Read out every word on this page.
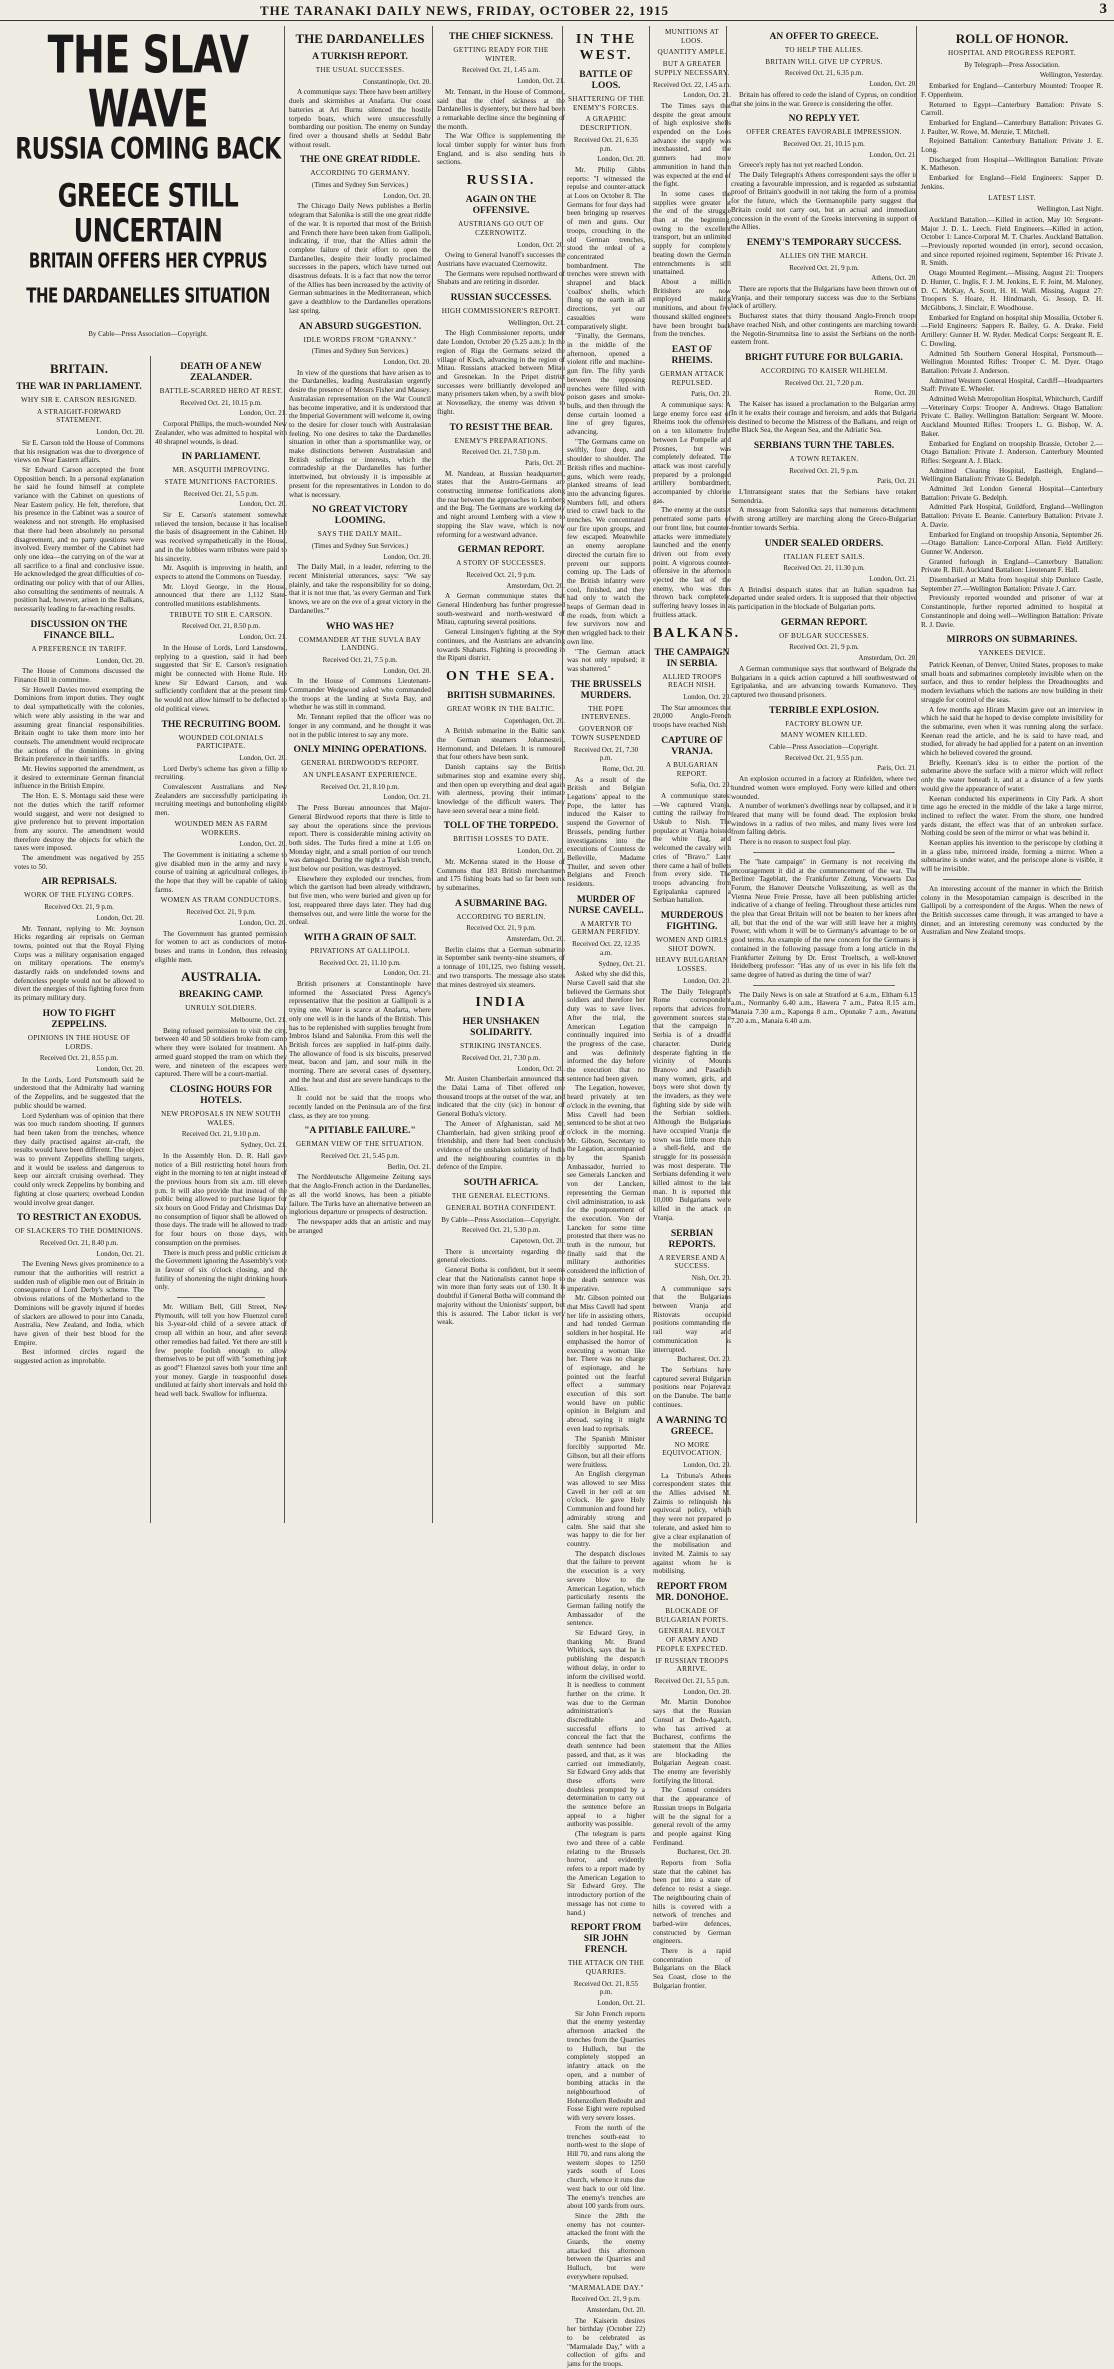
THE TARANAKI DAILY NEWS, FRIDAY, OCTOBER 22, 1915	3
THE SLAV WAVE
RUSSIA COMING BACK
GREECE STILL UNCERTAIN
BRITAIN OFFERS HER CYPRUS
THE DARDANELLES SITUATION
By Cable—Press Association—Copyright.
BRITAIN.
THE WAR IN PARLIAMENT.
WHY SIR E. CARSON RESIGNED.
A STRAIGHT-FORWARD STATEMENT.
London, Oct. 20.

Sir E. Carson told the House of Commons that his resignation was due to divergence of views on Near Eastern affairs.

Sir Edward Carson accepted the front Opposition bench. In a personal explanation he said he found himself at complete variance with the Cabinet on questions of Near Eastern policy. He felt, therefore, that his presence in the Cabinet was a source of weakness and not strength. He emphasised that there had been absolutely no personal disagreement, and no party questions were involved. Every member of the Cabinet had only one idea—the carrying on of the war at all sacrifice to a final and conclusive issue. He acknowledged the great difficulties of co-ordinating our policy with that of our Allies, also consulting the sentiments of neutrals. A position had, however, arisen in the Balkans, necessarily leading to far-reaching results.

DISCUSSION ON THE FINANCE BILL.
A PREFERENCE IN TARIFF.
London, Oct. 20.

The House of Commons discussed the Finance Bill in committee.

Sir Howell Davies moved exempting the Dominions from import duties. They ought to deal sympathetically with the colonies, which were ably assisting in the war and assuming great financial responsibilities. Britain ought to take them more into her counsels. The amendment would reciprocate the actions of the dominions in giving Britain preference in their tariffs.

Mr. Hewins supported the amendment, as it desired to exterminate German financial influence in the British Empire.

The Hon. E. S. Montagu said these were not the duties which the tariff reformer would suggest, and were not designed to give preference but to prevent importation from any source. The amendment would therefore destroy the objects for which the taxes were imposed.

The amendment was negatived by 255 votes to 50.

AIR REPRISALS.
WORK OF THE FLYING CORPS.
Received Oct. 21, 9 p.m.
London, Oct. 20.

Mr. Tennant, replying to Mr. Joynson Hicks regarding air reprisals on German towns, pointed out that the Royal Flying Corps was a military organisation engaged on military operations. The enemy's dastardly raids on undefended towns and defenceless people would not be allowed to divert the energies of this fighting force from its primary military duty.

HOW TO FIGHT ZEPPELINS.
OPINIONS IN THE HOUSE OF LORDS.
Received Oct. 21, 8.55 p.m.
London, Oct. 20.

In the Lords, Lord Portsmouth said he understood that the Admiralty had warning of the Zeppelins, and he suggested that the public should be warned.

Lord Sydenham was of opinion that there was too much random shooting. If gunners had been taken from the trenches, whence they daily practised against air-craft, the results would have been different. The object was to prevent Zeppelins shelling targets, and it would be useless and dangerous to keep our aircraft cruising overhead. They could only wreck Zeppelins by bombing and fighting at close quarters; overhead London would involve great danger.

TO RESTRICT AN EXODUS.
OF SLACKERS TO THE DOMINIONS.
Received Oct. 21, 8.40 p.m.
London, Oct. 21.

The Evening News gives prominence to a rumour that the authorities will restrict a sudden rush of eligible men out of Britain in consequence of Lord Derby's scheme. The obvious relations of the Motherland to the Dominions will be gravely injured if hordes of slackers are allowed to pour into Canada, Australia, New Zealand, and India, which have given of their best blood for the Empire.

Best informed circles regard the suggested action as improbable.

DEATH OF A NEW ZEALANDER.
BATTLE-SCARRED HERO AT REST.
Received Oct. 21, 10.15 p.m.
London, Oct. 21.

Corporal Phillips, the much-wounded New Zealander, who was admitted to hospital with 40 shrapnel wounds, is dead.

IN PARLIAMENT.
MR. ASQUITH IMPROVING.
STATE MUNITIONS FACTORIES.
Received Oct. 21, 5.5 p.m.
London, Oct. 20.

Sir E. Carson's statement somewhat relieved the tension, because it has localised the basis of disagreement in the Cabinet. He was received sympathetically in the House, and in the lobbies warm tributes were paid to his sincerity.

Mr. Asquith is improving in health, and expects to attend the Commons on Tuesday.

Mr. Lloyd George, in the House, announced that there are 1,112 State-controlled munitions establishments.

TRIBUTE TO SIR E. CARSON.
Received Oct. 21, 8.50 p.m.
London, Oct. 21.

In the House of Lords, Lord Lansdowne, replying to a question, said it had been suggested that Sir E. Carson's resignation might be connected with Home Rule. He knew Sir Edward Carson, and was sufficiently confident that at the present time he would not allow himself to be deflected to old political views.

THE RECRUITING BOOM.
WOUNDED COLONIALS PARTICIPATE.
London, Oct. 20.

Lord Derby's scheme has given a fillip to recruiting.

Convalescent Australians and New Zealanders are successfully participating in recruiting meetings and buttonholing eligible men.

WOUNDED MEN AS FARM WORKERS.
London, Oct. 20.

The Government is initiating a scheme to give disabled men in the army and navy a course of training at agricultural colleges, in the hope that they will be capable of taking farms.

WOMEN AS TRAM CONDUCTORS.
Received Oct. 21, 9 p.m.
London, Oct. 20.

The Government has granted permission for women to act as conductors of motor-buses and trams in London, thus releasing eligible men.

AUSTRALIA.
BREAKING CAMP.
UNRULY SOLDIERS.
Melbourne, Oct. 21.

Being refused permission to visit the city, between 40 and 50 soldiers broke from camp where they were isolated for treatment. An armed guard stopped the tram on which they were, and nineteen of the escapees were captured. There will be a court-martial.

CLOSING HOURS FOR HOTELS.
NEW PROPOSALS IN NEW SOUTH WALES.
Received Oct. 21, 9.10 p.m.
Sydney, Oct. 21.

In the Assembly Hon. D. R. Hall gave notice of a Bill restricting hotel hours from eight in the morning to ten at night instead of the previous hours from six a.m. till eleven p.m. It will also provide that instead of the public being allowed to purchase liquor for six hours on Good Friday and Christmas Day no consumption of liquor shall be allowed on those days. The trade will be allowed to trade for four hours on those days, with consumption on the premises.

There is much press and public criticism at the Government ignoring the Assembly's vote in favour of six o'clock closing, and the futility of shortening the night drinking hours only.

Mr. William Bell, Gill Street, New Plymouth, will tell you how Fluenzol cured his 3-year-old child of a severe attack of croup all within an hour, and after several other remedies had failed. Yet there are still a few people foolish enough to allow themselves to be put off with "something just as good"! Fluenzol saves both your time and your money. Gargle in teaspoonful doses undiluted at fairly short intervals and hold the head well back. Swallow for influenza.

THE DARDANELLES
A TURKISH REPORT.
THE USUAL SUCCESSES.
Constantinople, Oct. 20.

A communique says: There have been artillery duels and skirmishes at Anafarta. Our coast batteries at Ari Burnu silenced the hostile torpedo boats, which were unsuccessfully bombarding our position. The enemy on Sunday fired over a thousand shells at Seddul Bahr without result.

THE ONE GREAT RIDDLE.
ACCORDING TO GERMANY.
(Times and Sydney Sun Services.)
London, Oct. 20.

The Chicago Daily News publishes a Berlin telegram that Salonika is still the one great riddle of the war. It is reported that most of the British and French there have been taken from Gallipoli, indicating, if true, that the Allies admit the complete failure of their effort to open the Dardanelles, despite their loudly proclaimed successes in the papers, which have turned out disastrous defeats. It is a fact that now the terror of the Allies has been increased by the activity of German submarines in the Mediterranean, which gave a deathblow to the Dardanelles operations last spring.

AN ABSURD SUGGESTION.
IDLE WORDS FROM "GRANNY."
(Times and Sydney Sun Services.)
London, Oct. 20.

In view of the questions that have arisen as to the Dardanelles, leading Australasian urgently desire the presence of Messrs Fisher and Massey. Australasian representation on the War Council has become imperative, and it is understood that the Imperial Government will welcome it, owing to the desire for closer touch with Australasian feeling. No one desires to take the Dardanelles situation in other than a sportsmanlike way, or make distinctions between Australasian and British sufferings or interests, which the comradeship at the Dardanelles has further intertwined, but obviously it is impossible at present for the representatives in London to do what is necessary.

NO GREAT VICTORY LOOMING.
SAYS THE DAILY MAIL.
(Times and Sydney Sun Services.)
London, Oct. 20.

The Daily Mail, in a leader, referring to the recent Ministerial utterances, says: "We say plainly, and take the responsibility for so doing, that it is not true that, 'as every German and Turk knows, we are on the eve of a great victory in the Dardanelles.'"

WHO WAS HE?
COMMANDER AT THE SUVLA BAY LANDING.
Received Oct. 21, 7.5 p.m.
London, Oct. 20.

In the House of Commons Lieutenant-Commander Wedgwood asked who commanded the troops at the landing at Suvla Bay, and whether he was still in command.

Mr. Tennant replied that the officer was no longer in any command, and he thought it was not in the public interest to say any more.

ONLY MINING OPERATIONS.
GENERAL BIRDWOOD'S REPORT.
AN UNPLEASANT EXPERIENCE.
Received Oct. 21, 8.10 p.m.
London, Oct. 21.

The Press Bureau announces that Major-General Birdwood reports that there is little to say about the operations since the previous report. There is considerable mining activity on both sides. The Turks fired a mine at 1.05 on Monday night, and a small portion of our trench was damaged. During the night a Turkish trench, just below our position, was destroyed.

Elsewhere they exploded our trenches, from which the garrison had been already withdrawn, but five men, who were buried and given up for lost, reappeared three days later. They had dug themselves out, and were little the worse for the ordeal.

WITH A GRAIN OF SALT.
PRIVATIONS AT GALLIPOLI.
Received Oct. 21, 11.10 p.m.
London, Oct. 21.

British prisoners at Constantinople have informed the Associated Press Agency's representative that the position at Gallipoli is a trying one. Water is scarce at Anafarta, where only one well is in the hands of the British. This has to be replenished with supplies brought from Imbros Island and Salonika. From this well the British forces are supplied in half-pints daily. The allowance of food is six biscuits, preserved meat, bacon and jam, and sour milk in the morning. There are several cases of dysentery, and the heat and dust are severe handicaps to the Allies.

It could not be said that the troops who recently landed on the Peninsula are of the first class, as they are too young.

"A PITIABLE FAILURE."
GERMAN VIEW OF THE SITUATION.
Received Oct. 21, 5.45 p.m.
Berlin, Oct. 21.

The Norddeutsche Allgemeine Zeitung says that the Anglo-French action in the Dardanelles, as all the world knows, has been a pitiable failure. The Turks have an alternative between an inglorious departure or prospects of destruction.

The newspaper adds that an artistic and may be arranged

THE CHIEF SICKNESS.
GETTING READY FOR THE WINTER.
Received Oct. 21, 1.45 a.m.
London, Oct. 21.

Mr. Tennant, in the House of Commons, said that the chief sickness at the Dardanelles is dysentery, but there had been a remarkable decline since the beginning of the month.

The War Office is supplementing the local timber supply for winter huts from England, and is also sending huts in sections.

RUSSIA.
AGAIN ON THE OFFENSIVE.
AUSTRIANS GO OUT OF CZERNOWITZ.
London, Oct. 20.

Owing to General Ivanoff's successes the Austrians have evacuated Czernowitz.

The Germans were repulsed northward of Shabats and are retiring in disorder.

RUSSIAN SUCCESSES.
HIGH COMMISSIONER'S REPORT.
Wellington, Oct. 21.

The High Commissioner reports, under date London, October 20 (5.25 a.m.): In the region of Riga the Germans seized the village of Kisch, advancing in the region of Mitau. Russians attacked between Mitau and Gresnekan. In the Pripet district successes were brilliantly developed and many prisoners taken when, by a swift blow at Novoselkzy, the enemy was driven to flight.

TO RESIST THE BEAR.
ENEMY'S PREPARATIONS.
Received Oct. 21, 7.50 p.m.
Paris, Oct. 20.

M. Nandeau, at Russian headquarters, states that the Austro-Germans are constructing immense fortifications along the rear between the approaches to Lemberg and the Bug. The Germans are working day and night around Lemberg with a view to stopping the Slav wave, which is now reforming for a westward advance.

GERMAN REPORT.
A STORY OF SUCCESSES.
Received Oct. 21, 9 p.m.
Amsterdam, Oct. 20.

A German communique states that General Hindenburg has further progressed south-westward and north-westward of Mitau, capturing several positions.

General Linsingen's fighting at the Styr continues, and the Austrians are advancing towards Shabatts. Fighting is proceeding in the Ripani district.

ON THE SEA.
BRITISH SUBMARINES.
GREAT WORK IN THE BALTIC.
Copenhagen, Oct. 20.

A British submarine in the Baltic sank the German steamers Johannesteil, Hermonund, and Delelaen. It is rumoured that four others have been sunk.

Danish captains say the British submarines stop and examine every ship, and then open up everything and deal again with alertness, proving their intimate knowledge of the difficult waters. They have seen several near a mine field.

TOLL OF THE TORPEDO.
BRITISH LOSSES TO DATE.
London, Oct. 20.

Mr. McKenna stated in the House of Commons that 183 British merchantmen and 175 fishing boats had so far been sunk by submarines.

A SUBMARINE BAG.
ACCORDING TO BERLIN.
Received Oct. 21, 9 p.m.
Amsterdam, Oct. 20.

Berlin claims that a German submarine in September sank twenty-nine steamers, of a tonnage of 101,125, two fishing vessels, and two transports. The message also states that mines destroyed six steamers.

INDIA
HER UNSHAKEN SOLIDARITY.
STRIKING INSTANCES.
Received Oct. 21, 7.30 p.m.
London, Oct. 20.

Mr. Austen Chamberlain announced that the Dalai Lama of Tibet offered one thousand troops at the outset of the war, and indicated that the city (sic) in honour of General Botha's victory.

The Ameer of Afghanistan, said Mr. Chamberlain, had given striking proof of friendship, and there had been conclusive evidence of the unshaken solidarity of India and the neighbouring countries in the defence of the Empire.

SOUTH AFRICA.
THE GENERAL ELECTIONS.
GENERAL BOTHA CONFIDENT.
By Cable—Press Association—Copyright.
Received Oct. 21, 5.30 p.m.
Capetown, Oct. 20.

There is uncertainty regarding the general elections.

General Botha is confident, but it seems clear that the Nationalists cannot hope to win more than forty seats out of 130. It is doubtful if General Botha will command the majority without the Unionists' support, but this is assured. The Labor ticket is very weak.

IN THE WEST.
BATTLE OF LOOS.
SHATTERING OF THE ENEMY'S FORCES.
A GRAPHIC DESCRIPTION.
Received Oct. 21, 6.35 p.m.
London, Oct. 20.

Mr. Philip Gibbs reports: "I witnessed the repulse and counter-attack at Loos on October 8. The Germans for four days had been bringing up reserves of men and guns. Our troops, crouching in the old German trenches, stood the ordeal of a concentrated bombardment. The trenches were strewn with shrapnel and black 'coalbox' shells, which flung up the earth in all directions, yet our casualties were comparatively slight.

"Finally, the Germans, in the middle of the afternoon, opened a violent rifle and machine-gun fire. The fifty yards between the opposing trenches were filled with poison gases and smoke-bulls, and then through the dense curtain loomed a line of grey figures, advancing.

"The Germans came on swiftly, four deep, and shoulder to shoulder. The British rifles and machine-guns, which were ready, planked streams of lead into the advancing figures. Numbers fell, and others tried to crawl back to the trenches. We concentrated our fire upon groups, and few escaped. Meanwhile an enemy aeroplane directed the curtain fire to prevent our supports coming up. The Lads of the British infantry were cool, finished, and they had only to watch the heaps of German dead in the roads, from which a few survivors now and then wriggled back to their own line.

"The German attack was not only repulsed; it was shattered."

THE BRUSSELS MURDERS.
THE POPE INTERVENES.
GOVERNOR OF TOWN SUSPENDED
Received Oct. 21, 7.30 p.m.
Rome, Oct. 20.

As a result of the British and Belgian Legations' appeal to the Pope, the latter has induced the Kaiser to suspend the Governor of Brussels, pending further investigations into the executions of Countess de Belleville, Madame Thuiler, and seven other Belgians and French residents.

MURDER OF NURSE CAVELL.
A MARTYR TO GERMAN PERFIDY.
Received Oct. 22, 12.35 a.m.
Sydney, Oct. 21.

Asked why she did this, Nurse Cavell said that she believed the Germans shot soldiers and therefore her duty was to save lives. After the trial, the American Legation continually inquired into the progress of the case, and was definitely informed the day before the execution that no sentence had been given.

The Legation, however, heard privately at ten o'clock in the evening, that Miss Cavell had been sentenced to be shot at two o'clock in the morning. Mr. Gibson, Secretary to the Legation, accompanied by the Spanish Ambassador, hurried to see Generals Lancken and von der Lancken, representing the German civil administration, to ask for the postponement of the execution. Von der Lancken for some time protested that there was no truth in the rumour, but finally said that the military authorities considered the infliction of the death sentence was imperative.

Mr. Gibson pointed out that Miss Cavell had spent her life in assisting others, and had tended German soldiers in her hospital. He emphasised the horror of executing a woman like her. There was no charge of espionage, and he pointed out the fearful effect a summary execution of this sort would have on public opinion in Belgium and abroad, saying it might even lead to reprisals.

The Spanish Minister forcibly supported Mr. Gibson, but all their efforts were fruitless.

An English clergyman was allowed to see Miss Cavell in her cell at ten o'clock. He gave Holy Communion and found her admirably strong and calm. She said that she was happy to die for her country.

The despatch discloses that the failure to prevent the execution is a very severe blow to the American Legation, which particularly resents the German failing notify the Ambassador of the sentence.

Sir Edward Grey, in thanking Mr. Brand Whitlock, says that he is publishing the despatch without delay, in order to inform the civilised world. It is needless to comment further on the crime. It was due to the German administration's discreditable and successful efforts to conceal the fact that the death sentence had been passed, and that, as it was carried out immediately, Sir Edward Grey adds that these efforts were doubtless prompted by a determination to carry out the sentence before an appeal to a higher authority was possible.

(The telegram is parts two and three of a cable relating to the Brussels horror, and evidently refers to a report made by the American Legation to Sir Edward Grey. The introductory portion of the message has not come to hand.)

REPORT FROM SIR JOHN FRENCH.
THE ATTACK ON THE QUARRIES.
Received Oct. 21, 8.55 p.m.
London, Oct. 21.

Sir John French reports that the enemy yesterday afternoon attacked the trenches from the Quarries to Hulluch, but the completely stopped an infantry attack on the open, and a number of bombing attacks in the neighbourhood of Hohenzollern Redoubt and Fosse Eight were repulsed with very severe losses.

From the north of the trenches south-east to north-west to the slope of Hill 70, and runs along the western slopes to 1250 yards south of Loos church, whence it runs due west back to our old line. The enemy's trenches are about 100 yards from ours.

Since the 28th the enemy has not counter-attacked the front with the Guards, the enemy attacked this afternoon between the Quarries and Hulluch, but were everywhere repulsed.

"MARMALADE DAY."
Received Oct. 21, 9 p.m.
Amsterdam, Oct. 20.

The Kaiserin desires her birthday (October 22) to be celebrated as "Marmalade Day," with a collection of gifts and jams for the troops.

MUNITIONS AT LOOS.
QUANTITY AMPLE.
BUT A GREATER SUPPLY NECESSARY.
Received Oct. 22, 1.45 a.m.
London, Oct. 21.

The Times says that despite the great amount of high explosive shells expended on the Loos advance the supply was inexhausted, and the gunners had more ammunition in hand than was expected at the end of the fight.

In some cases the supplies were greater at the end of the struggle than at the beginning, owing to the excellent transport, but an unlimited supply for completely beating down the German entrenchments is still unattained.

About a million Britishers are now employed making munitions, and about five thousand skilled engineers have been brought back from the trenches.

EAST OF RHEIMS.
GERMAN ATTACK REPULSED.
Paris, Oct. 20.

A communique says: A large enemy force east of Rheims took the offensive on a ten kilometre front between Le Pompelle and Prosnes, but was completely defeated. The attack was most carefully prepared by a prolonged artillery bombardment, accompanied by chlorine gas.

The enemy at the outset penetrated some parts of our front line, but counter-attacks were immediately launched and the enemy driven out from every point. A vigorous counter-offensive in the afternoon ejected the last of the enemy, who was thus thrown back completely, suffering heavy losses in a fruitless attack.

BALKANS.
THE CAMPAIGN IN SERBIA.
ALLIED TROOPS REACH NISH.
London, Oct. 20.

The Star announces that 20,000 Anglo-French troops have reached Nish.

CAPTURE OF VRANJA.
A BULGARIAN REPORT.
Sofia, Oct. 20.

A communique states: —We captured Vranja, cutting the railway from Uskub to Nish. The populace at Vranja hoisted the white flag, and welcomed the cavalry with cries of "Bravo." Later there came a hail of bullets from every side. The troops advancing from Egripalanka captured a Serbian battalion.

MURDEROUS FIGHTING.
WOMEN AND GIRLS SHOT DOWN.
HEAVY BULGARIAN LOSSES.
London, Oct. 20.

The Daily Telegraph's Rome correspondent reports that advices from government sources state that the campaign in Serbia is of a dreadful character. During desperate fighting in the vicinity of Mounts Branovo and Pasadich many women, girls, and boys were shot down by the invaders, as they were fighting side by side with the Serbian soldiers. Although the Bulgarians have occupied Vranja the town was little more than a shell-field, and the struggle for its possession was most desperate. The Serbians defending it were killed almost to the last man. It is reported that 10,000 Bulgarians were killed in the attack on Vranja.

SERBIAN REPORTS.
A REVERSE AND A SUCCESS.
Nish, Oct. 20.

A communique says that the Bulgarians between Vranja and Ristovats occupied positions commanding the rail way and communication is interrupted.

Bucharest, Oct. 20.

The Serbians have captured several Bulgarian positions near Pojarevatz on the Danube. The battle continues.

A WARNING TO GREECE.
NO MORE EQUIVOCATION.
London, Oct. 20.

La Tribuna's Athens correspondent states that the Allies advised M. Zaimis to relinquish his equivocal policy, which they were not prepared to tolerate, and asked him to give a clear explanation of the mobilisation and invited M. Zaimis to say against whom he is mobilising.

REPORT FROM MR. DONOHOE.
BLOCKADE OF BULGARIAN PORTS.
GENERAL REVOLT OF ARMY AND PEOPLE EXPECTED.
IF RUSSIAN TROOPS ARRIVE.
Received Oct. 21, 5.5 p.m.
London, Oct. 20.

Mr. Martin Donohoe says that the Russian Consul at Dedo-Agatch, who has arrived at Bucharest, confirms the statement that the Allies are blockading the Bulgarian Aegean coast. The enemy are feverishly fortifying the littoral.

The Consul considers that the appearance of Russian troops in Bulgaria will be the signal for a general revolt of the army and people against King Ferdinand.

Bucharest, Oct. 20.

Reports from Sofia state that the cabinet has been put into a state of defence to resist a siege. The neighbouring chain of hills is covered with a network of trenches and barbed-wire defences, constructed by German engineers.

There is a rapid concentration of Bulgarians on the Black Sea Coast, close to the Bulgarian frontier.

AN OFFER TO GREECE.
TO HELP THE ALLIES.
BRITAIN WILL GIVE UP CYPRUS.
Received Oct. 21, 6.35 p.m.
London, Oct. 20.

Britain has offered to cede the island of Cyprus, on condition that she joins in the war. Greece is considering the offer.

NO REPLY YET.
OFFER CREATES FAVORABLE IMPRESSION.
Received Oct. 21, 10.15 p.m.
London, Oct. 21.

Greece's reply has not yet reached London.

The Daily Telegraph's Athens correspondent says the offer is creating a favourable impression, and is regarded as substantial proof of Britain's goodwill in not taking the form of a promise for the future, which the Germanophile party suggest that Britain could not carry out, but an actual and immediate concession in the event of the Greeks intervening in support of the Allies.

ENEMY'S TEMPORARY SUCCESS.
ALLIES ON THE MARCH.
Received Oct. 21, 9 p.m.
Athens, Oct. 20.

There are reports that the Bulgarians have been thrown out of Vranja, and their temporary success was due to the Serbians' lack of artillery.

Bucharest states that thirty thousand Anglo-French troops have reached Nish, and other contingents are marching towards the Negotin-Strumnitsa line to assist the Serbians on the north-eastern front.

BRIGHT FUTURE FOR BULGARIA.
ACCORDING TO KAISER WILHELM.
Received Oct. 21, 7.20 p.m.
Rome, Oct. 20.

The Kaiser has issued a proclamation to the Bulgarian army. In it he exalts their courage and heroism, and adds that Bulgaria is destined to become the Mistress of the Balkans, and reign on the Black Sea, the Aegean Sea, and the Adriatic Sea.

SERBIANS TURN THE TABLES.
A TOWN RETAKEN.
Received Oct. 21, 9 p.m.
Paris, Oct. 21.

L'Intransigeant states that the Serbians have retaken Semendria.

A message from Salonika says that numerous detachments with strong artillery are marching along the Greco-Bulgarian frontier towards Serbia.

UNDER SEALED ORDERS.
ITALIAN FLEET SAILS.
Received Oct. 21, 11.30 p.m.
London, Oct. 21.

A Brindisi despatch states that an Italian squadron has departed under sealed orders. It is supposed that their objective is participation in the blockade of Bulgarian ports.

GERMAN REPORT.
OF BULGAR SUCCESSES.
Received Oct. 21, 9 p.m.
Amsterdam, Oct. 20.

A German communique says that southward of Belgrade the Bulgarians in a quick action captured a hill southwestward of Egripalanka, and are advancing towards Kumanovo. They captured two thousand prisoners.

TERRIBLE EXPLOSION.
FACTORY BLOWN UP.
MANY WOMEN KILLED.
Cable—Press Association—Copyright.
Received Oct. 21, 9.55 p.m.
Paris, Oct. 21.

An explosion occurred in a factory at Rinfelden, where two hundred women were employed. Forty were killed and others wounded.

A number of workmen's dwellings near by collapsed, and it is feared that many will be found dead. The explosion broke windows in a radius of two miles, and many lives were lost from falling debris.

There is no reason to suspect foul play.

The "hate campaign" in Germany is not receiving the encouragement it did at the commencement of the war. The Berliner Tageblatt, the Frankfurter Zeitung, Vorwaerts Das Forum, the Hanover Deutsche Volkszeitung, as well as the Vienna Neue Freie Presse, have all been publishing articles indicative of a change of feeling. Throughout these articles runs the plea that Great Britain will not be beaten to her knees after all, but that the end of the war will still leave her a mighty Power, with whom it will be to Germany's advantage to be on good terms. An example of the new concern for the Germans is contained in the following passage from a long article in the Frankfurter Zeitung by Dr. Ernst Troeltsch, a well-known Heidelberg professor: "Has any of us ever in his life felt the same degree of hatred as during the time of war?

The Daily News is on sale at Stratford at 6 a.m., Eltham 6.15 a.m., Normanby 6.40 a.m., Hawera 7 a.m., Patea 8.15 a.m., Manaia 7.30 a.m., Kaponga 8 a.m., Opunake 7 a.m., Awatuna 7.20 a.m., Manaia 6.40 a.m.

ROLL OF HONOR.
HOSPITAL AND PROGRESS REPORT.
By Telegraph—Press Association.
Wellington, Yesterday.

Embarked for England—Canterbury Mounted: Trooper R. F. Oppenheim.

Returned to Egypt—Canterbury Battalion: Private S. Carroll.

Embarked for England—Canterbury Battalion: Privates G. J. Paulter, W. Rowe, M. Menzie, T. Mitchell.

Rejoined Battalion: Canterbury Battalion: Private J. E. Long.

Discharged from Hospital—Wellington Battalion: Private K. Matheson.

Embarked for England—Field Engineers: Sapper D. Jenkins.

LATEST LIST.
Wellington, Last Night.

Auckland Battalion.—Killed in action, May 10: Sergeant-Major J. D. L. Leech. Field Engineers.—Killed in action, October 1: Lance-Corporal M. T. Charles. Auckland Battalion.—Previously reported wounded (in error), second occasion, and since reported rejoined regiment, September 16: Private J. R. Smith.

Otago Mounted Regiment.—Missing, August 21: Troopers D. Hunter, C. Inglis, F. J. M. Jenkins, E. F. Joint, M. Maloney, D. C. McKay, A. Scott, H. H. Wall. Missing, August 27: Troopers S. Hoare, H. Hindmarsh, G. Jessop, D. H. McGibbons, J. Sinclair, F. Woodhouse.

Embarked for England on hospital ship Mossilia, October 6.—Field Engineers: Sappers R. Bailey, G. A. Drake. Field Artillery: Gunner H. W. Ryder. Medical Corps: Sergeant R. E. C. Dowling.

Admitted 5th Southern General Hospital, Portsmouth—Wellington Mounted Rifles: Trooper C. M. Dyer. Otago Battalion: Private J. Anderson.

Admitted Western General Hospital, Cardiff—Headquarters Staff: Private E. Wheeler.

Admitted Welsh Metropolitan Hospital, Whitchurch, Cardiff—Veterinary Corps: Trooper A. Andrews. Otago Battalion: Private C. Bailey. Wellington Battalion: Sergeant W. Moore. Auckland Mounted Rifles: Troopers L. G. Bishop, W. A. Baker.

Embarked for England on troopship Brassie, October 2.—Otago Battalion: Private J. Anderson. Canterbury Mounted Rifles: Sergeant A. J. Black.

Admitted Clearing Hospital, Eastleigh, England—Wellington Battalion: Private G. Bedelph.

Admitted 3rd London General Hospital—Canterbury Battalion: Private G. Bedelph.

Admitted Park Hospital, Guildford, England—Wellington Battalion: Private E. Beanie. Canterbury Battalion: Private J. A. Davie.

Embarked for England on troopship Ansonia, September 26.—Otago Battalion: Lance-Corporal Allan. Field Artillery: Gunner W. Anderson.

Granted furlough in England—Canterbury Battalion: Private R. Bill. Auckland Battalion: Lieutenant F. Hall.

Disembarked at Malta from hospital ship Dunluce Castle, September 27.—Wellington Battalion: Private J. Carr.

Previously reported wounded and prisoner of war at Constantinople, further reported admitted to hospital at Constantinople and doing well—Wellington Battalion: Private R. J. Davie.

MIRRORS ON SUBMARINES.
YANKEES DEVICE.

Patrick Keenan, of Denver, United States, proposes to make small boats and submarines completely invisible when on the surface, and thus to render helpless the Dreadnoughts and modern leviathans which the nations are now building in their struggle for control of the seas.

A few months ago Hiram Maxim gave out an interview in which he said that he hoped to devise complete invisibility for the submarine, even when it was running along the surface. Keenan read the article, and he is said to have read, and studied, for already he had applied for a patent on an invention which he believed covered the ground.

Briefly, Keenan's idea is to either the portion of the submarine above the surface with a mirror which will reflect only the water beneath it, and at a distance of a few yards would give the appearance of water.

Keenan conducted his experiments in City Park. A short time ago he erected in the middle of the lake a large mirror, inclined to reflect the water. From the shore, one hundred yards distant, the effect was that of an unbroken surface. Nothing could be seen of the mirror or what was behind it.

Keenan applies his invention to the periscope by clothing it in a glass tube, mirrored inside, forming a mirror. When a submarine is under water, and the periscope alone is visible, it will be invisible.

An interesting account of the manner in which the British colony in the Mesopotamian campaign is described in the Gallipoli by a correspondent of the Argus. When the news of the British successes came through, it was arranged to have a dinner, and an interesting ceremony was conducted by the Australian and New Zealand troops.
